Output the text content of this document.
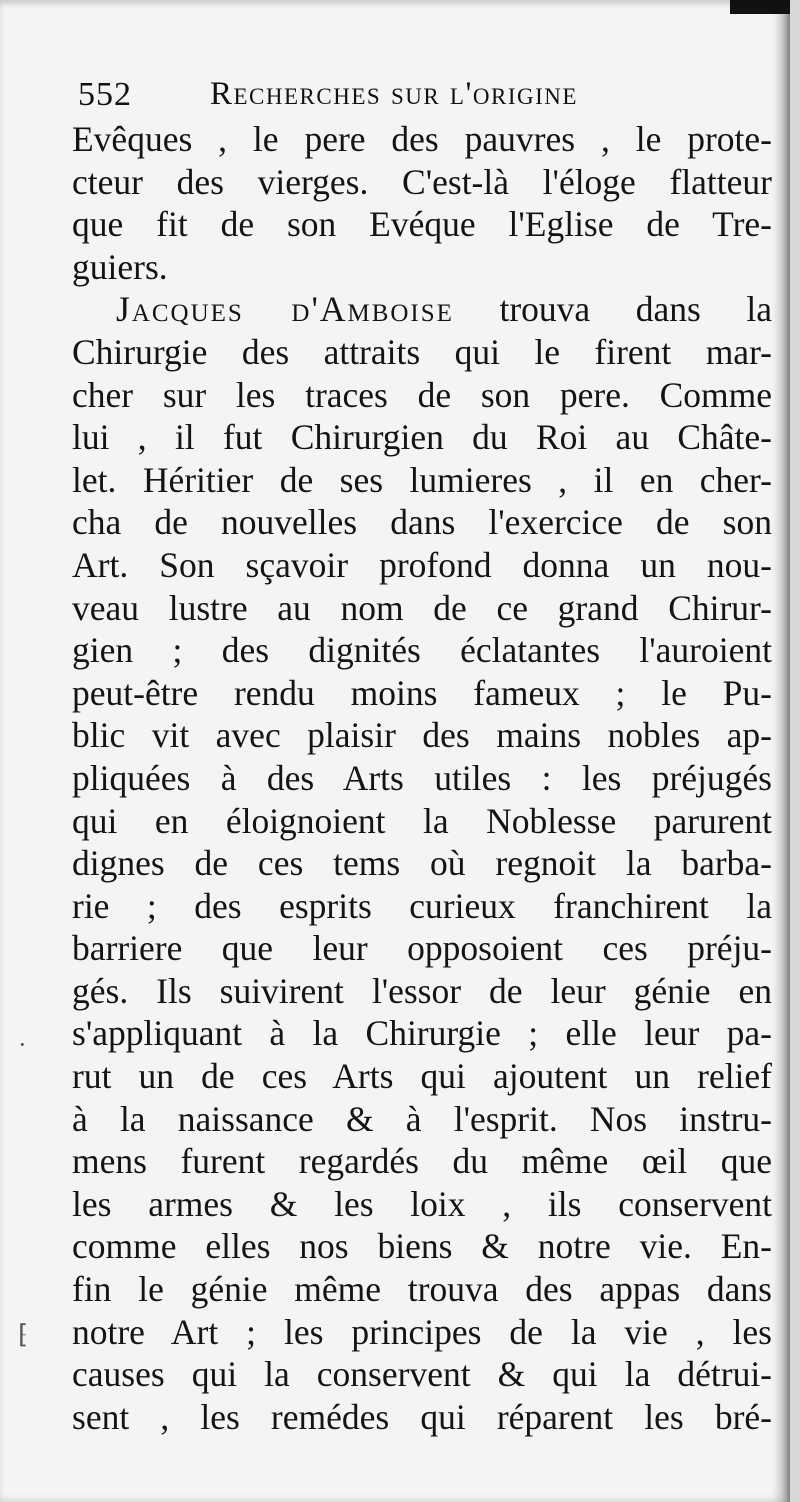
552 Recherches sur l'origine
·
⁅
Evêques , le pere des pauvres , le prote-
cteur des vierges. C'est-là l'éloge flatteur
que fit de son Evéque l'Eglise de Tre-
guiers.
Jacques d'Amboise trouva dans la
Chirurgie des attraits qui le firent mar-
cher sur les traces de son pere. Comme
lui , il fut Chirurgien du Roi au Châte-
let. Héritier de ses lumieres , il en cher-
cha de nouvelles dans l'exercice de son
Art. Son sçavoir profond donna un nou-
veau lustre au nom de ce grand Chirur-
gien ; des dignités éclatantes l'auroient
peut-être rendu moins fameux ; le Pu-
blic vit avec plaisir des mains nobles ap-
pliquées à des Arts utiles : les préjugés
qui en éloignoient la Noblesse parurent
dignes de ces tems où regnoit la barba-
rie ; des esprits curieux franchirent la
barriere que leur opposoient ces préju-
gés. Ils suivirent l'essor de leur génie en
s'appliquant à la Chirurgie ; elle leur pa-
rut un de ces Arts qui ajoutent un relief
à la naissance & à l'esprit. Nos instru-
mens furent regardés du même œil que
les armes & les loix , ils conservent
comme elles nos biens & notre vie. En-
fin le génie même trouva des appas dans
notre Art ; les principes de la vie , les
causes qui la conservent & qui la détrui-
sent , les remédes qui réparent les bré-
